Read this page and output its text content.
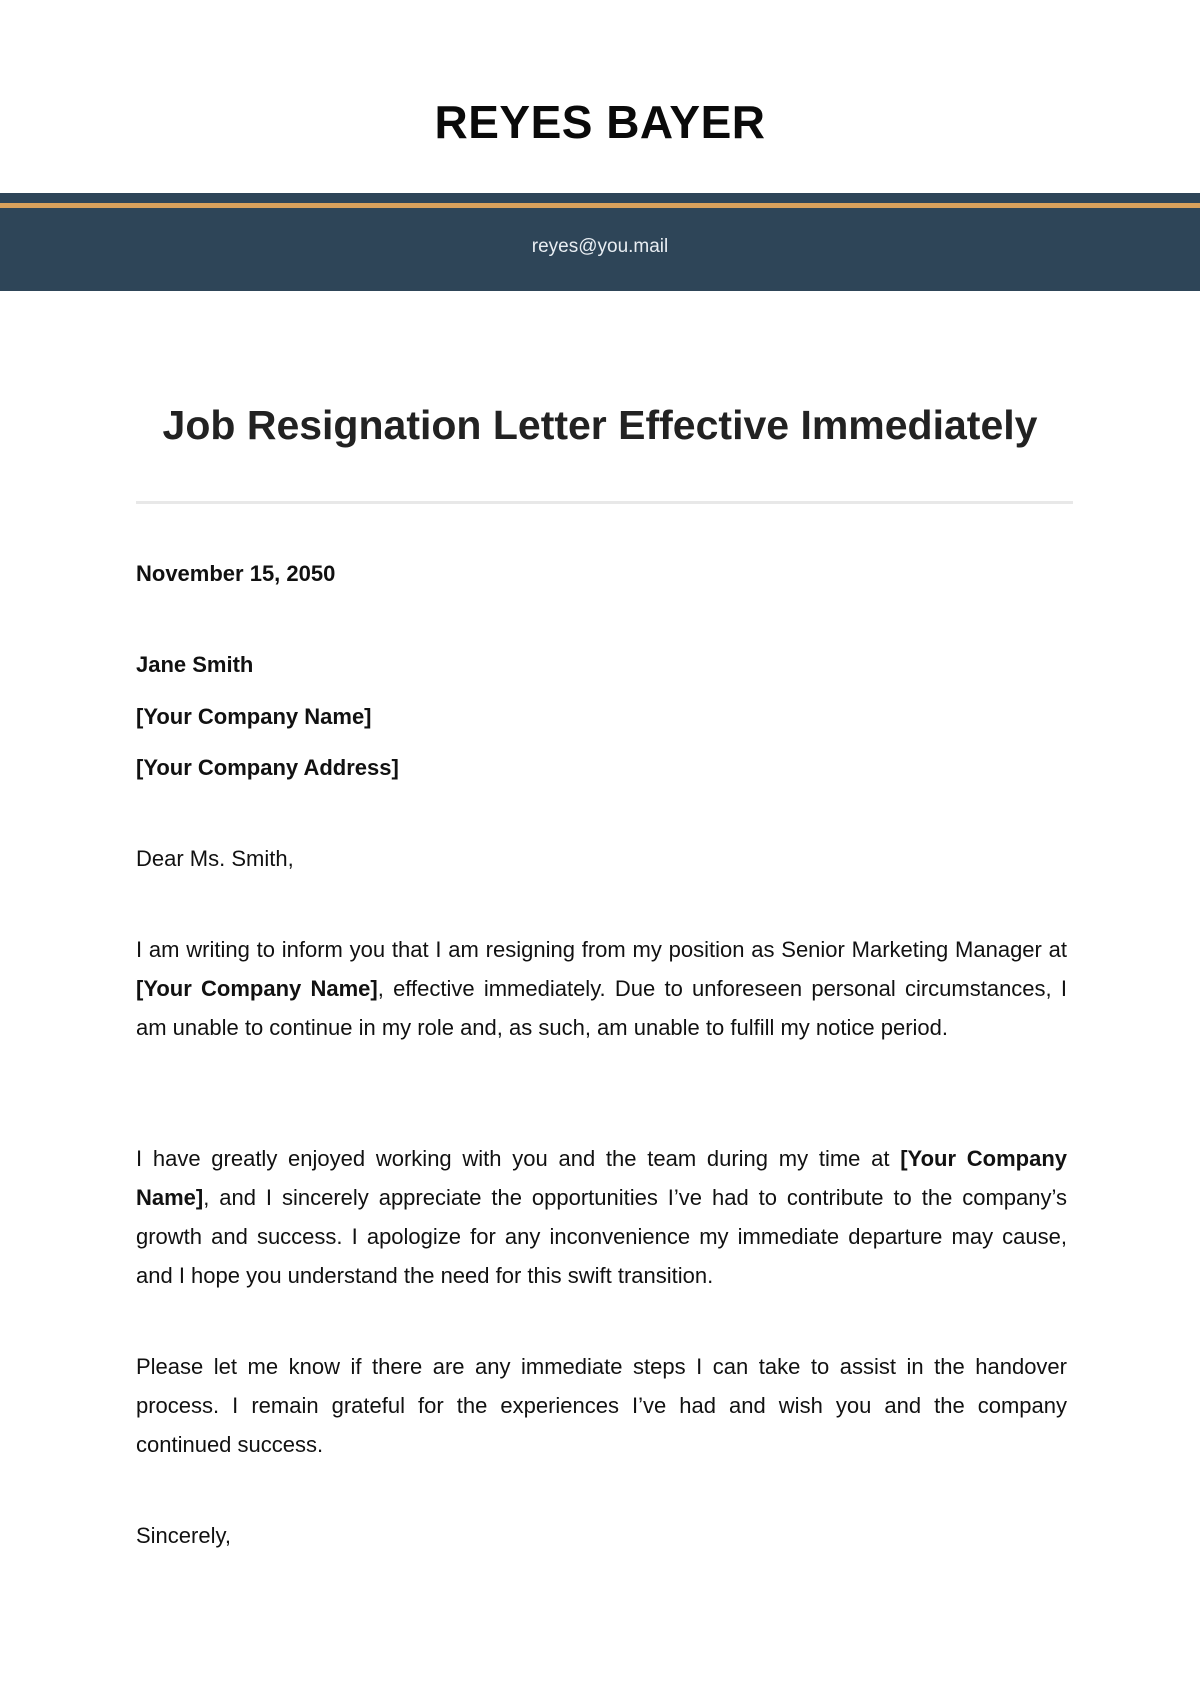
REYES BAYER
reyes@you.mail
Job Resignation Letter Effective Immediately
November 15, 2050
Jane Smith
[Your Company Name]
[Your Company Address]
Dear Ms. Smith,
I am writing to inform you that I am resigning from my position as Senior Marketing Manager at [Your Company Name], effective immediately. Due to unforeseen personal circumstances, I am unable to continue in my role and, as such, am unable to fulfill my notice period.
I have greatly enjoyed working with you and the team during my time at [Your Company Name], and I sincerely appreciate the opportunities I’ve had to contribute to the company’s growth and success. I apologize for any inconvenience my immediate departure may cause, and I hope you understand the need for this swift transition.
Please let me know if there are any immediate steps I can take to assist in the handover process. I remain grateful for the experiences I’ve had and wish you and the company continued success.
Sincerely,
